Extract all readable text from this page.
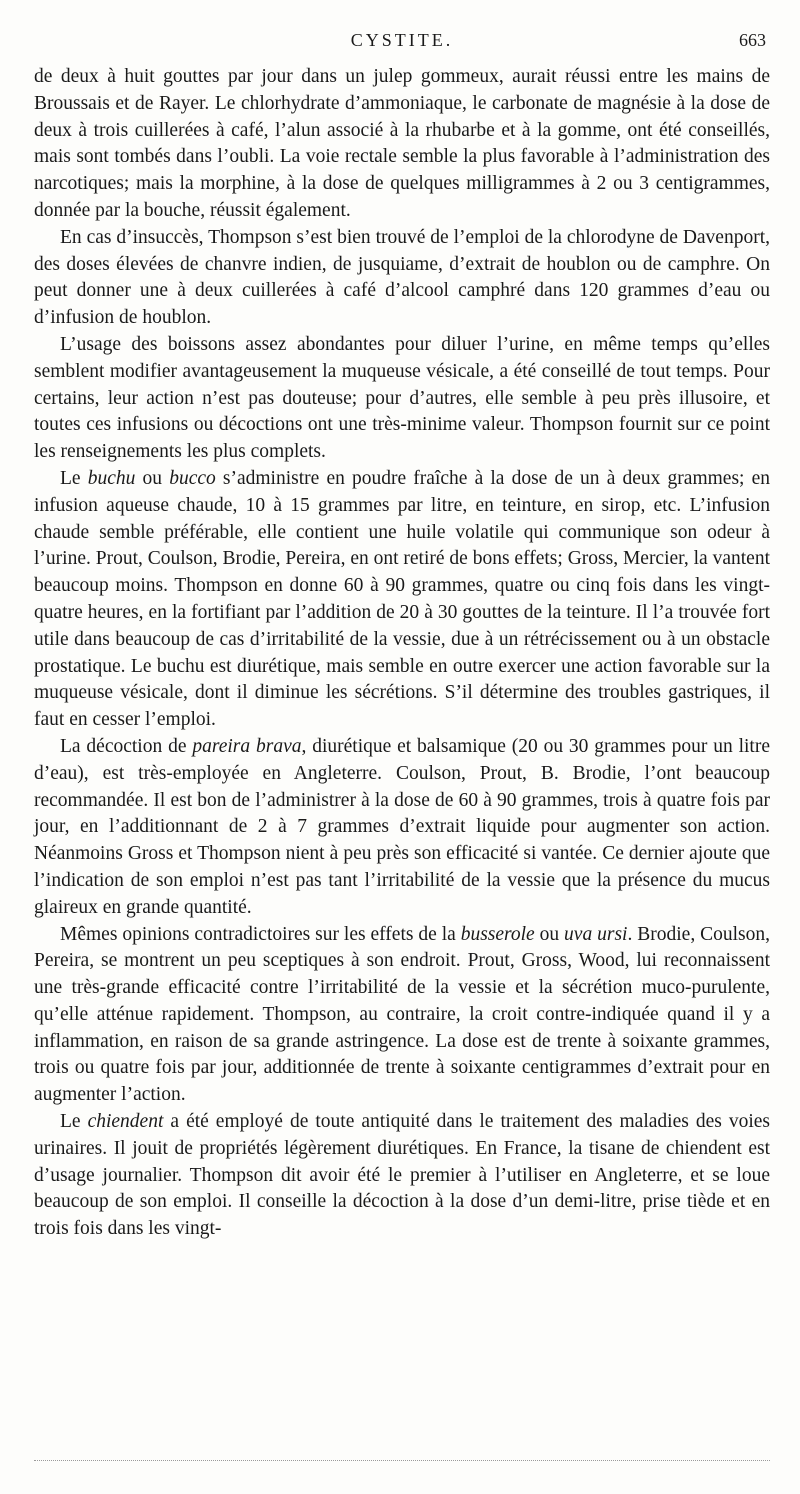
CYSTITE.	663

de deux à huit gouttes par jour dans un julep gommeux, aurait réussi entre les mains de Broussais et de Rayer. Le chlorhydrate d’ammoniaque, le carbonate de magnésie à la dose de deux à trois cuillerées à café, l’alun associé à la rhubarbe et à la gomme, ont été conseillés, mais sont tombés dans l’oubli. La voie rectale semble la plus favorable à l’administration des narcotiques; mais la morphine, à la dose de quelques milligrammes à 2 ou 3 centigrammes, donnée par la bouche, réussit également.

En cas d’insuccès, Thompson s’est bien trouvé de l’emploi de la chlorodyne de Davenport, des doses élevées de chanvre indien, de jusquiame, d’extrait de houblon ou de camphre. On peut donner une à deux cuillerées à café d’alcool camphré dans 120 grammes d’eau ou d’infusion de houblon.

L’usage des boissons assez abondantes pour diluer l’urine, en même temps qu’elles semblent modifier avantageusement la muqueuse vésicale, a été conseillé de tout temps. Pour certains, leur action n’est pas douteuse; pour d’autres, elle semble à peu près illusoire, et toutes ces infusions ou décoctions ont une très-minime valeur. Thompson fournit sur ce point les renseignements les plus complets.

Le buchu ou bucco s’administre en poudre fraîche à la dose de un à deux grammes; en infusion aqueuse chaude, 10 à 15 grammes par litre, en teinture, en sirop, etc. L’infusion chaude semble préférable, elle contient une huile volatile qui communique son odeur à l’urine. Prout, Coulson, Brodie, Pereira, en ont retiré de bons effets; Gross, Mercier, la vantent beaucoup moins. Thompson en donne 60 à 90 grammes, quatre ou cinq fois dans les vingt-quatre heures, en la fortifiant par l’addition de 20 à 30 gouttes de la teinture. Il l’a trouvée fort utile dans beaucoup de cas d’irritabilité de la vessie, due à un rétrécissement ou à un obstacle prostatique. Le buchu est diurétique, mais semble en outre exercer une action favorable sur la muqueuse vésicale, dont il diminue les sécrétions. S’il détermine des troubles gastriques, il faut en cesser l’emploi.

La décoction de pareira brava, diurétique et balsamique (20 ou 30 grammes pour un litre d’eau), est très-employée en Angleterre. Coulson, Prout, B. Brodie, l’ont beaucoup recommandée. Il est bon de l’administrer à la dose de 60 à 90 grammes, trois à quatre fois par jour, en l’additionnant de 2 à 7 grammes d’extrait liquide pour augmenter son action. Néanmoins Gross et Thompson nient à peu près son efficacité si vantée. Ce dernier ajoute que l’indication de son emploi n’est pas tant l’irritabilité de la vessie que la présence du mucus glaireux en grande quantité.

Mêmes opinions contradictoires sur les effets de la busserole ou uva ursi. Brodie, Coulson, Pereira, se montrent un peu sceptiques à son endroit. Prout, Gross, Wood, lui reconnaissent une très-grande efficacité contre l’irritabilité de la vessie et la sécrétion muco-purulente, qu’elle atténue rapidement. Thompson, au contraire, la croit contre-indiquée quand il y a inflammation, en raison de sa grande astringence. La dose est de trente à soixante grammes, trois ou quatre fois par jour, additionnée de trente à soixante centigrammes d’extrait pour en augmenter l’action.

Le chiendent a été employé de toute antiquité dans le traitement des maladies des voies urinaires. Il jouit de propriétés légèrement diurétiques. En France, la tisane de chiendent est d’usage journalier. Thompson dit avoir été le premier à l’utiliser en Angleterre, et se loue beaucoup de son emploi. Il conseille la décoction à la dose d’un demi-litre, prise tiède et en trois fois dans les vingt-
